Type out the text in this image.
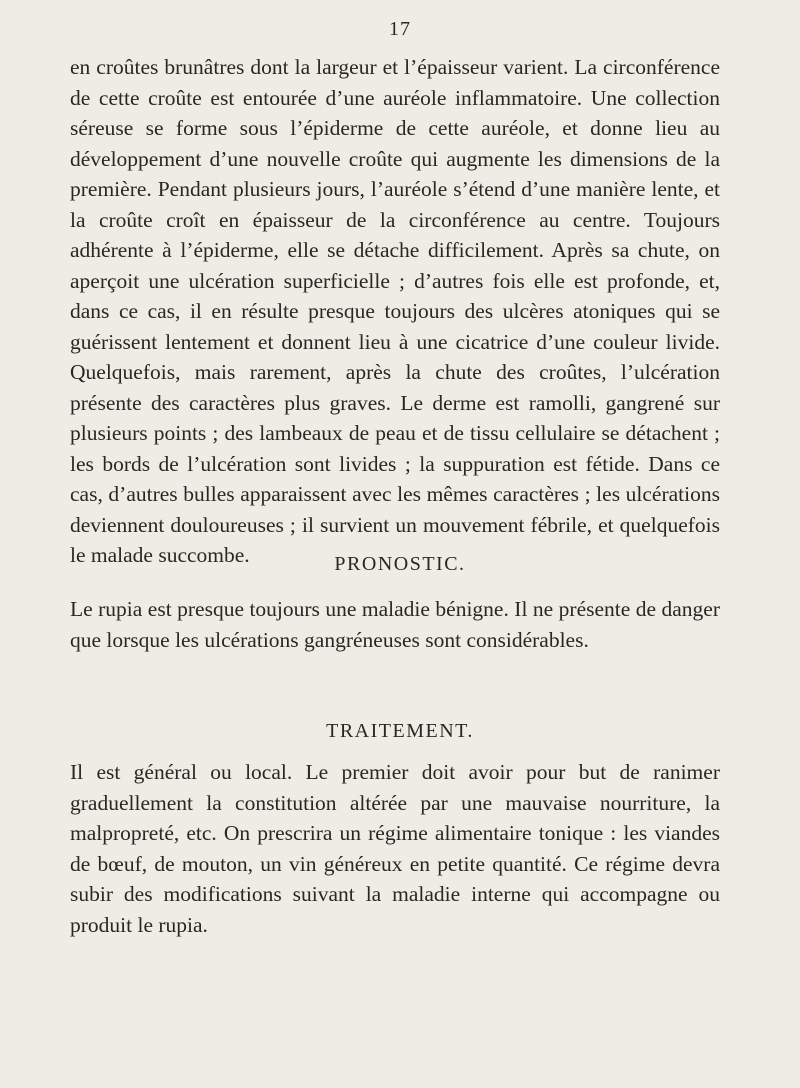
17

en croûtes brunâtres dont la largeur et l’épaisseur varient. La circonférence de cette croûte est entourée d’une auréole inflammatoire. Une collection séreuse se forme sous l’épiderme de cette auréole, et donne lieu au développement d’une nouvelle croûte qui augmente les dimensions de la première. Pendant plusieurs jours, l’auréole s’étend d’une manière lente, et la croûte croît en épaisseur de la circonférence au centre. Toujours adhérente à l’épiderme, elle se détache difficilement. Après sa chute, on aperçoit une ulcération superficielle ; d’autres fois elle est profonde, et, dans ce cas, il en résulte presque toujours des ulcères atoniques qui se guérissent lentement et donnent lieu à une cicatrice d’une couleur livide. Quelquefois, mais rarement, après la chute des croûtes, l’ulcération présente des caractères plus graves. Le derme est ramolli, gangrené sur plusieurs points ; des lambeaux de peau et de tissu cellulaire se détachent ; les bords de l’ulcération sont livides ; la suppuration est fétide. Dans ce cas, d’autres bulles apparaissent avec les mêmes caractères ; les ulcérations deviennent douloureuses ; il survient un mouvement fébrile, et quelquefois le malade succombe.	PRONOSTIC.

Le rupia est presque toujours une maladie bénigne. Il ne présente de danger que lorsque les ulcérations gangréneuses sont considérables.

TRAITEMENT.

Il est général ou local. Le premier doit avoir pour but de ranimer graduellement la constitution altérée par une mauvaise nourriture, la malpropreté, etc. On prescrira un régime alimentaire tonique : les viandes de bœuf, de mouton, un vin généreux en petite quantité. Ce régime devra subir des modifications suivant la maladie interne qui accompagne ou produit le rupia.
